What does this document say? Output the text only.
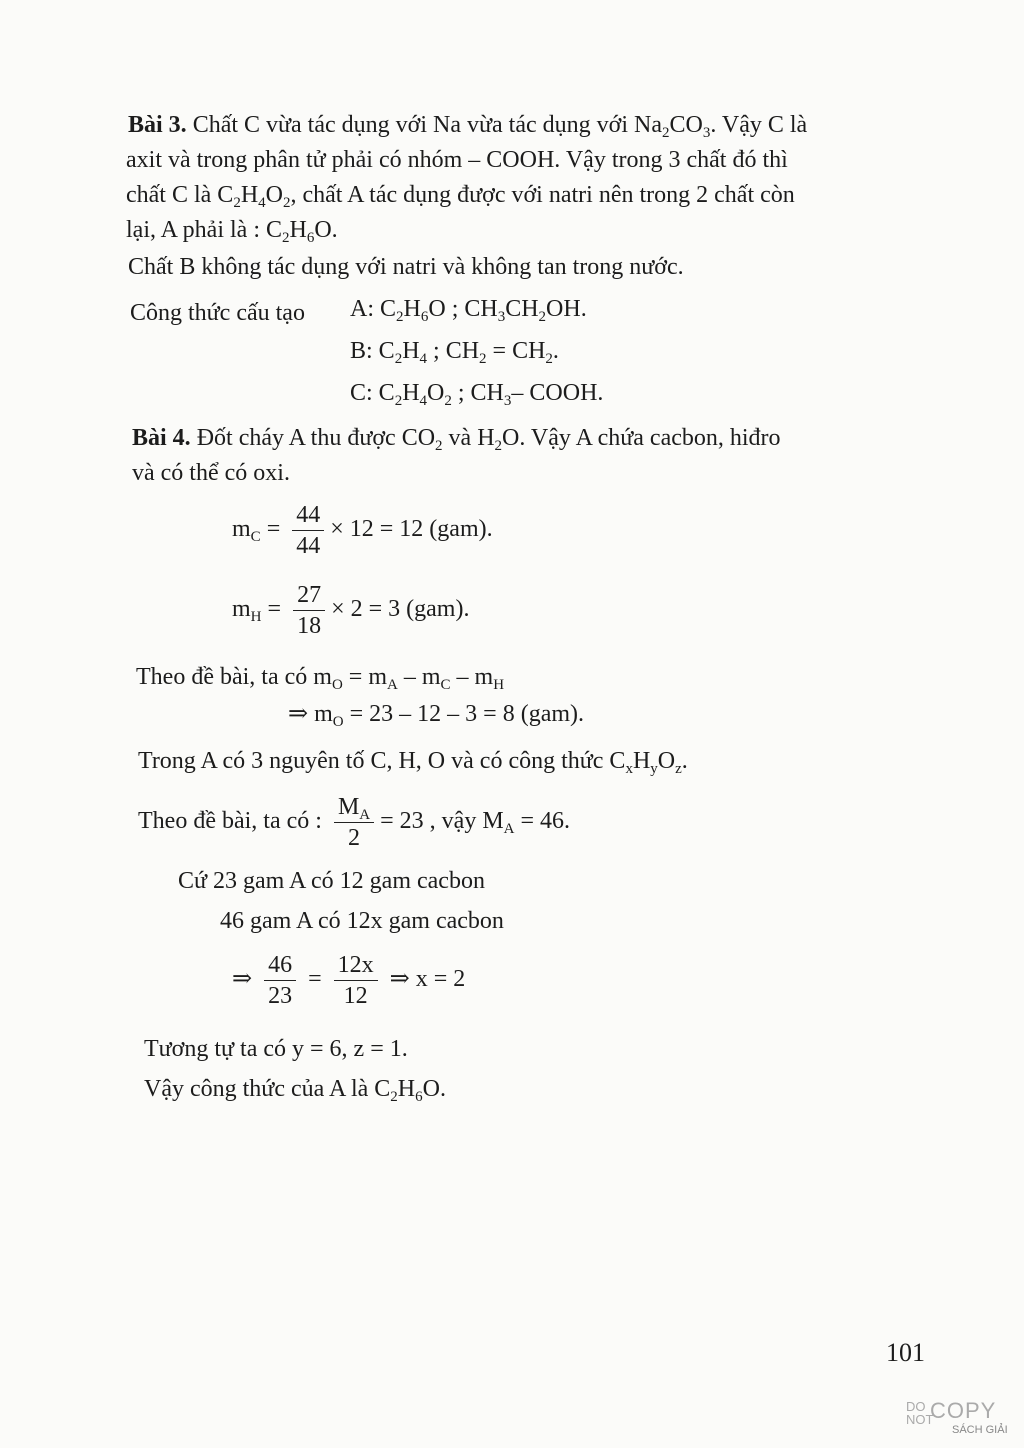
Bài 3. Chất C vừa tác dụng với Na vừa tác dụng với $Na_2CO_3$. Vậy C là
axit và trong phân tử phải có nhóm – COOH. Vậy trong 3 chất đó thì
chất C là $C_2H_4O_2$, chất A tác dụng được với natri nên trong 2 chất còn
lại, A phải là : $C_2H_6O$.
Chất B không tác dụng với natri và không tan trong nước.
Công thức cấu tạo A: $C_2H_6O$ ; $CH_3CH_2OH$.
B: $C_2H_4$ ; $CH_2 = CH_2$.
C: $C_2H_4O_2$ ; $CH_3-$ COOH.
Bài 4. Đốt cháy A thu được $CO_2$ và $H_2O$. Vậy A chứa cacbon, hiđro
và có thể có oxi.
$m_C = \frac{44}{44} \times 12 = 12$ (gam).
$m_H = \frac{27}{18} \times 2 = 3$ (gam).
Theo đề bài, ta có $m_O = m_A - m_C - m_H$
⇒ $m_O = 23 - 12 - 3 = 8$ (gam).
Trong A có 3 nguyên tố C, H, O và có công thức $C_xH_yO_z$.
Theo đề bài, ta có : $\frac{M_A}{2} = 23$ , vậy $M_A = 46$.
Cứ 23 gam A có 12 gam cacbon
46 gam A có 12x gam cacbon
⇒ $\frac{46}{23} = \frac{12x}{12}$ ⇒ x = 2
Tương tự ta có y = 6, z = 1.
Vậy công thức của A là $C_2H_6O$.
101
DO
NOT
COPY
SÁCH GIẢI
